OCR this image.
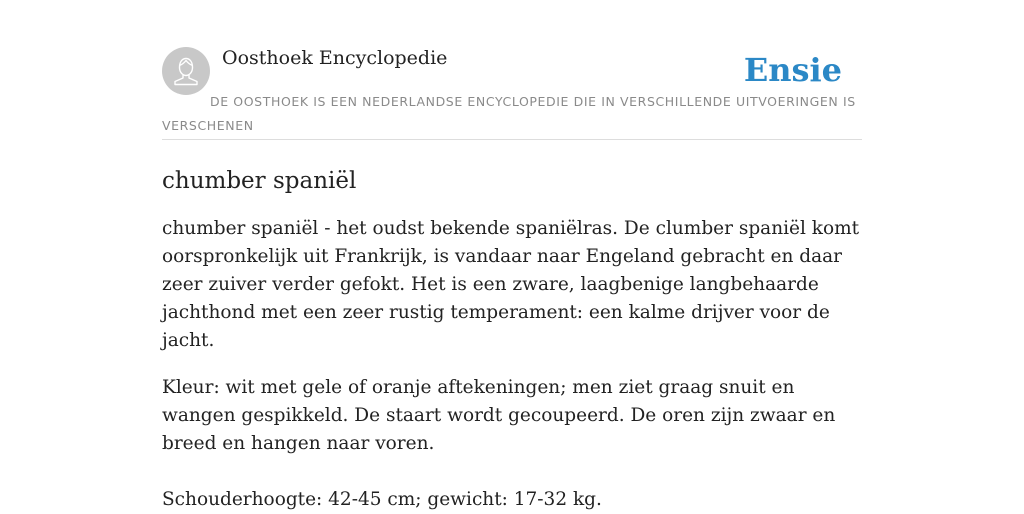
Oosthoek Encyclopedie	Ensie
DE OOSTHOEK IS EEN NEDERLANDSE ENCYCLOPEDIE DIE IN VERSCHILLENDE UITVOERINGEN IS VERSCHENEN
chumber spaniël

chumber spaniël - het oudst bekende spaniëlras. De clumber spaniël komt oorspronkelijk uit Frankrijk, is vandaar naar Engeland gebracht en daar zeer zuiver verder gefokt. Het is een zware, laagbenige langbehaarde jachthond met een zeer rustig temperament: een kalme drijver voor de jacht.

Kleur: wit met gele of oranje aftekeningen; men ziet graag snuit en wangen gespikkeld. De staart wordt gecoupeerd. De oren zijn zwaar en breed en hangen naar voren.

Schouderhoogte: 42-45 cm; gewicht: 17-32 kg.
